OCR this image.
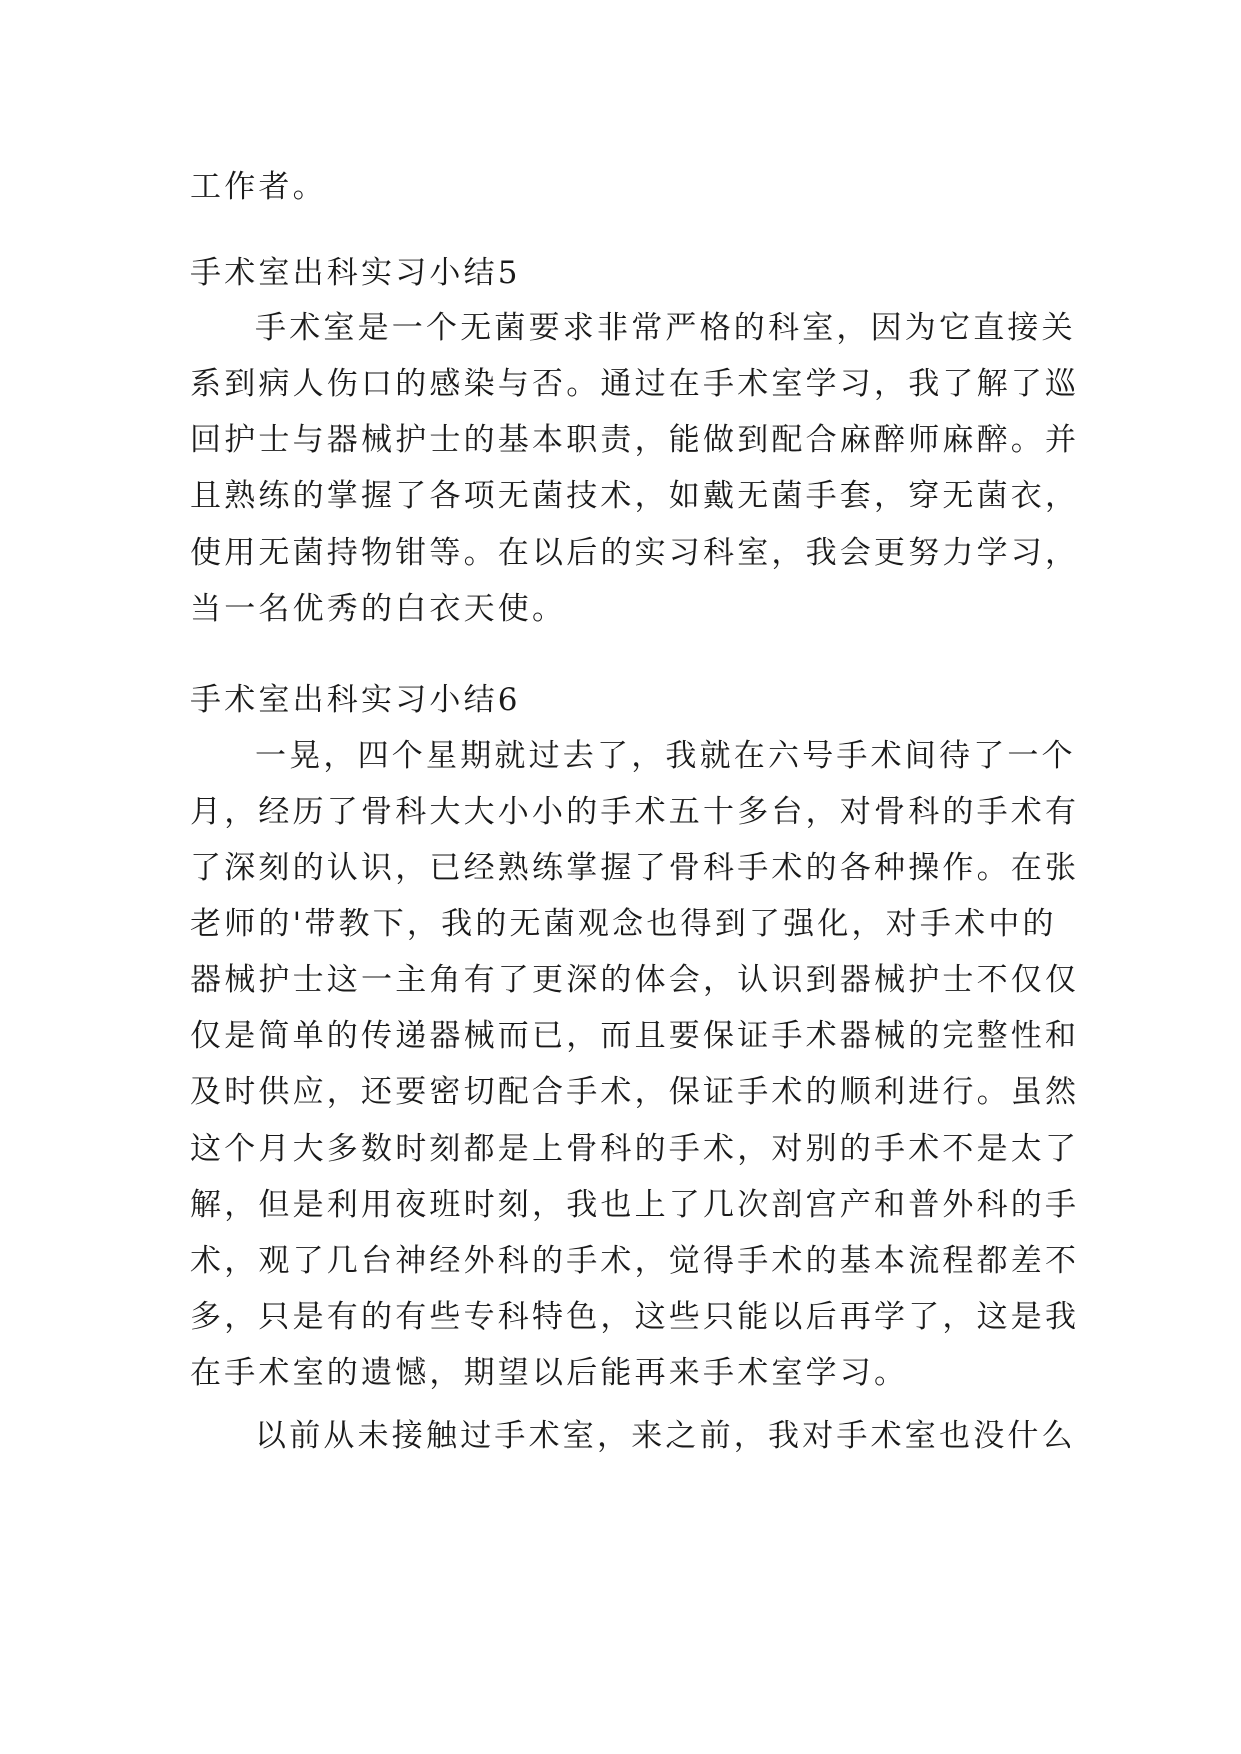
工作者。
手术室出科实习小结5
手术室是一个无菌要求非常严格的科室，因为它直接关
系到病人伤口的感染与否。通过在手术室学习，我了解了巡
回护士与器械护士的基本职责，能做到配合麻醉师麻醉。并
且熟练的掌握了各项无菌技术，如戴无菌手套，穿无菌衣，
使用无菌持物钳等。在以后的实习科室，我会更努力学习，
当一名优秀的白衣天使。
手术室出科实习小结6
一晃，四个星期就过去了，我就在六号手术间待了一个
月，经历了骨科大大小小的手术五十多台，对骨科的手术有
了深刻的认识，已经熟练掌握了骨科手术的各种操作。在张
老师的'带教下，我的无菌观念也得到了强化，对手术中的
器械护士这一主角有了更深的体会，认识到器械护士不仅仅
仅是简单的传递器械而已，而且要保证手术器械的完整性和
及时供应，还要密切配合手术，保证手术的顺利进行。虽然
这个月大多数时刻都是上骨科的手术，对别的手术不是太了
解，但是利用夜班时刻，我也上了几次剖宫产和普外科的手
术，观了几台神经外科的手术，觉得手术的基本流程都差不
多，只是有的有些专科特色，这些只能以后再学了，这是我
在手术室的遗憾，期望以后能再来手术室学习。
以前从未接触过手术室，来之前，我对手术室也没什么
